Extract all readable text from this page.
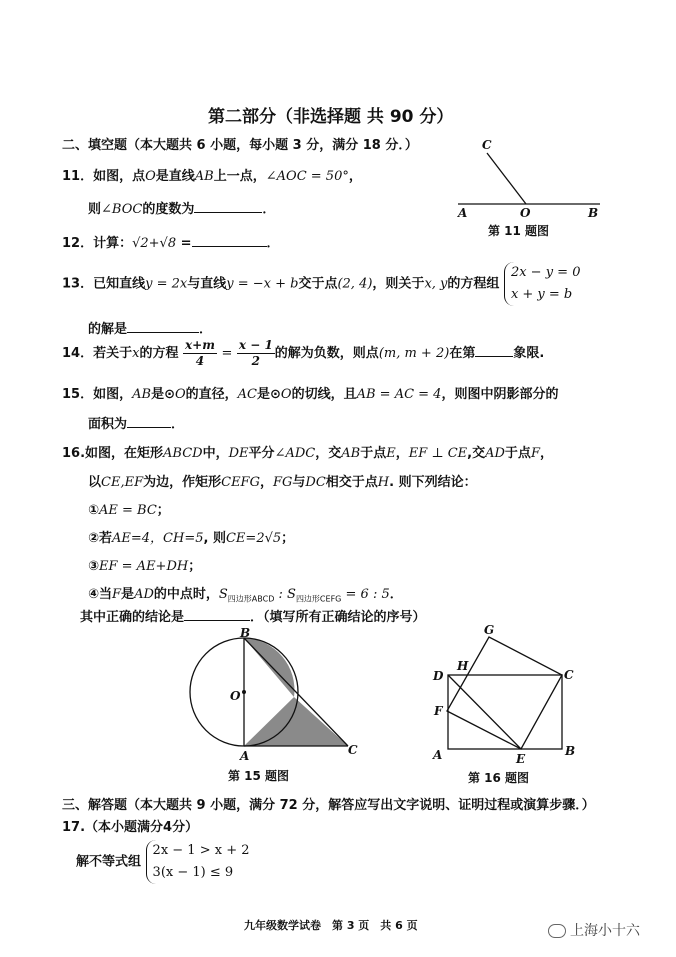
第二部分（非选择题 共 90 分）
二、填空题（本大题共 6 小题，每小题 3 分，满分 18 分．）
11．如图，点O是直线AB上一点，∠AOC = 50°，
则∠BOC的度数为	．
C
A	O	B
第 11 题图
12．计算：√2+√8 =	．
13．已知直线y = 2x与直线y = −x + b交于点(2, 4)，则关于x, y的方程组 2x − y = 0
x + y = b
的解是	．
14．若关于x的方程 $\frac{x+m}{4} = \frac{x - 1}{2}$ 的解为负数，则点(m, m + 2)在第	象限.
15．如图，AB是⊙O的直径，AC是⊙O的切线，且AB = AC = 4，则图中阴影部分的
面积为	．
16.如图，在矩形ABCD中，DE平分∠ADC，交AB于点E，EF ⊥ CE,交AD于点F，
以CE,EF为边，作矩形CEFG，FG与DC相交于点H. 则下列结论：
①AE = BC；
②若AE=4，CH=5, 则CE=2√5；
③EF = AE+DH；
④当F是AD的中点时，$S_{四边形ABCD}$ : $S_{四边形CEFG} = 6$ : 5．
其中正确的结论是	．（填写所有正确结论的序号）
B
O
A	C
第 15 题图
G
H
D	C
F
A	E
B
第 16 题图
三、解答题（本大题共 9 小题，满分 72 分，解答应写出文字说明、证明过程或演算步骤．）
17.（本小题满分4分）
解不等式组 2x − 1 > x + 2
3(x − 1) ≤ 9
九年级数学试卷　第 3 页　共 6 页	上海小十六
